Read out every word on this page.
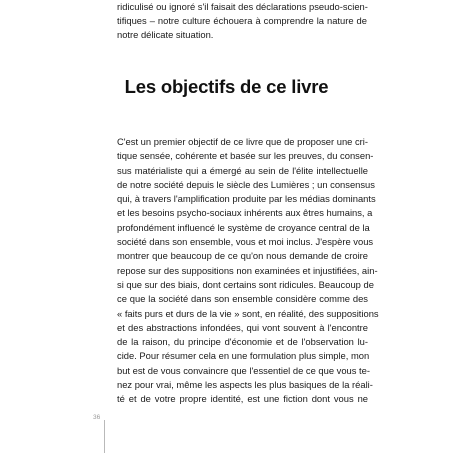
ridiculisé ou ignoré s'il faisait des déclarations pseudo-scien-
tifiques – notre culture échouera à comprendre la nature de
notre délicate situation.
Les objectifs de ce livre
C'est un premier objectif de ce livre que de proposer une cri-
tique sensée, cohérente et basée sur les preuves, du consen-
sus matérialiste qui a émergé au sein de l'élite intellectuelle
de notre société depuis le siècle des Lumières ; un consensus
qui, à travers l'amplification produite par les médias dominants
et les besoins psycho-sociaux inhérents aux êtres humains, a
profondément influencé le système de croyance central de la
société dans son ensemble, vous et moi inclus. J'espère vous
montrer que beaucoup de ce qu'on nous demande de croire
repose sur des suppositions non examinées et injustifiées, ain-
si que sur des biais, dont certains sont ridicules. Beaucoup de
ce que la société dans son ensemble considère comme des
« faits purs et durs de la vie » sont, en réalité, des suppositions
et des abstractions infondées, qui vont souvent à l'encontre
de la raison, du principe d'économie et de l'observation lu-
cide. Pour résumer cela en une formulation plus simple, mon
but est de vous convaincre que l'essentiel de ce que vous te-
nez pour vrai, même les aspects les plus basiques de la réali-
té et de votre propre identité, est une fiction dont vous ne
36
